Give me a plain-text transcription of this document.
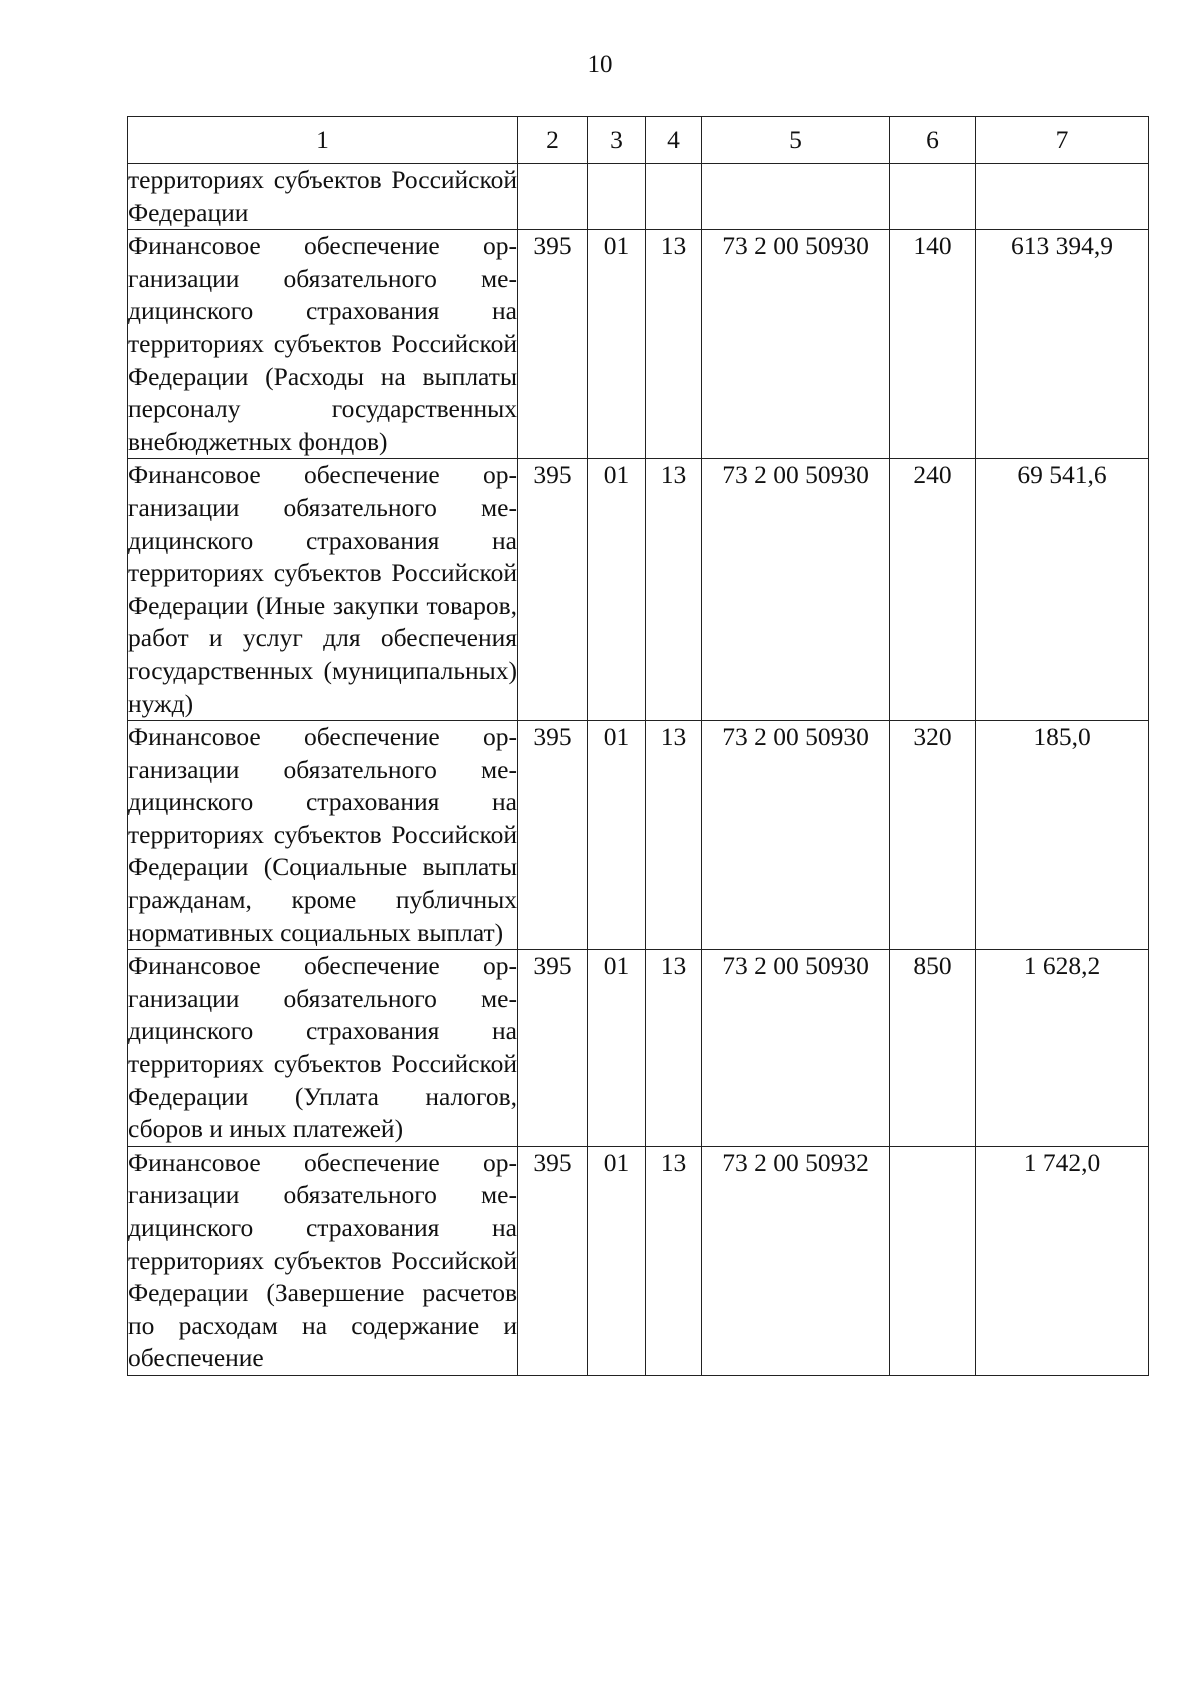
10
1	2	3	4	5	6	7
территориях субъектов Российской Федерации						
Финансовое обеспечение организации обязательного медицинского страхования на территориях субъектов Российской Федерации (Расходы на выплаты персоналу государственных внебюджетных фондов)	395	01	13	73 2 00 50930	140	613 394,9
Финансовое обеспечение организации обязательного медицинского страхования на территориях субъектов Российской Федерации (Иные закупки товаров, работ и услуг для обеспечения государственных (муниципальных) нужд)	395	01	13	73 2 00 50930	240	69 541,6
Финансовое обеспечение организации обязательного медицинского страхования на территориях субъектов Российской Федерации (Социальные выплаты гражданам, кроме публичных нормативных социальных выплат)	395	01	13	73 2 00 50930	320	185,0
Финансовое обеспечение организации обязательного медицинского страхования на территориях субъектов Российской Федерации (Уплата налогов, сборов и иных платежей)	395	01	13	73 2 00 50930	850	1 628,2
Финансовое обеспечение организации обязательного медицинского страхования на территориях субъектов Российской Федерации (Завершение расчетов по расходам на содержание и обеспечение	395	01	13	73 2 00 50932		1 742,0
